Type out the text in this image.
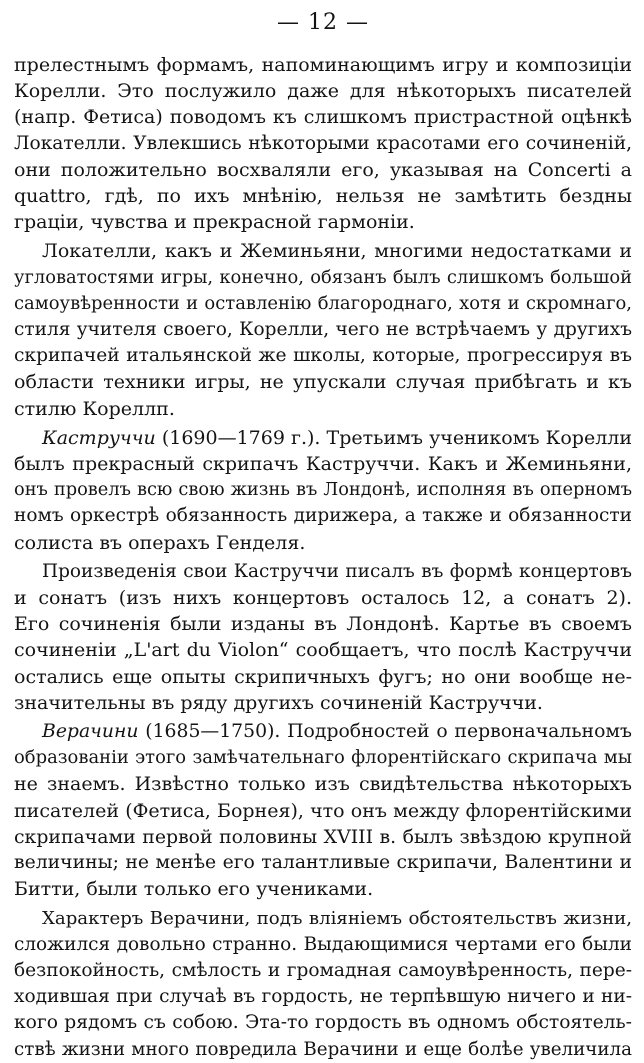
— 12 —
прелестнымъ формамъ, напоминающимъ игру и композиціи
Корелли. Это послужило даже для нѣкоторыхъ писателей
(напр. Фетиса) поводомъ къ слишкомъ пристрастной оцѣнкѣ
Локателли. Увлекшись нѣкоторыми красотами его сочиненій,
они положительно восхваляли его, указывая на Concerti a
quattro, гдѣ, по ихъ мнѣнію, нельзя не замѣтить бездны
граціи, чувства и прекрасной гармоніи.
Локателли, какъ и Жеминьяни, многими недостатками и
угловатостями игры, конечно, обязанъ былъ слишкомъ большой
самоувѣренности и оставленію благороднаго, хотя и скромнаго,
стиля учителя своего, Корелли, чего не встрѣчаемъ у другихъ
скрипачей итальянской же школы, которые, прогрессируя въ
области техники игры, не упускали случая прибѣгать и къ
стилю Кореллп.
Каструччи (1690—1769 г.). Третьимъ ученикомъ Корелли
былъ прекрасный скрипачъ Каструччи. Какъ и Жеминьяни,
онъ провелъ всю свою жизнь въ Лондонѣ, исполняя въ оперномъ
номъ оркестрѣ обязанность дирижера, а также и обязанности
солиста въ операхъ Генделя.
Произведенія свои Каструччи писалъ въ формѣ концертовъ
и сонатъ (изъ нихъ концертовъ осталось 12, а сонатъ 2).
Его сочиненія были изданы въ Лондонѣ. Картье въ своемъ
сочиненіи „L'art du Violon“ сообщаетъ, что послѣ Каструччи
остались еще опыты скрипичныхъ фугъ; но они вообще не-
значительны въ ряду другихъ сочиненій Каструччи.
Верачини (1685—1750). Подробностей о первоначальномъ
образованіи этого замѣчательнаго флорентійскаго скрипача мы
не знаемъ. Извѣстно только изъ свидѣтельства нѣкоторыхъ
писателей (Фетиса, Борнея), что онъ между флорентійскими
скрипачами первой половины XVIII в. былъ звѣздою крупной
величины; не менѣе его талантливые скрипачи, Валентини и
Битти, были только его учениками.
Характеръ Верачини, подъ вліяніемъ обстоятельствъ жизни,
сложился довольно странно. Выдающимися чертами его были
безпокойность, смѣлость и громадная самоувѣренность, пере-
ходившая при случаѣ въ гордость, не терпѣвшую ничего и ни-
кого рядомъ съ собою. Эта-то гордость въ одномъ обстоятель-
ствѣ жизни много повредила Верачини и еще болѣе увеличила
